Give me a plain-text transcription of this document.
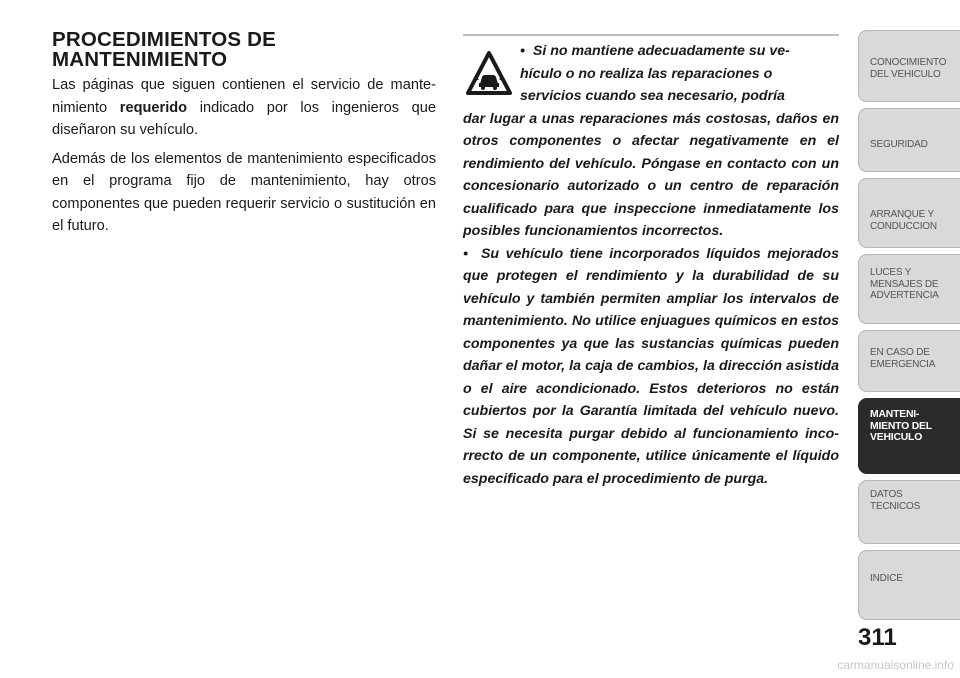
PROCEDIMIENTOS DE
MANTENIMIENTO

Las páginas que siguen contienen el servicio de mantenimiento requerido indicado por los ingenieros que diseñaron su vehículo.

Además de los elementos de mantenimiento especificados en el programa fijo de mantenimiento, hay otros componentes que pueden requerir servicio o sustitución en el futuro.

• Si no mantiene adecuadamente su ve-
hículo o no realiza las reparaciones o
servicios cuando sea necesario, podría
dar lugar a unas reparaciones más costosas, daños en otros componentes o afectar negativamente en el rendimiento del vehículo. Póngase en contacto con un concesionario autorizado o un centro de reparación cualificado para que inspeccione inmediatamente los posibles funcionamientos incorrectos.
• Su vehículo tiene incorporados líquidos mejorados que protegen el rendimiento y la durabilidad de su vehículo y también permiten ampliar los intervalos de mantenimiento. No utilice enjuagues químicos en estos componentes ya que las sustancias químicas pueden dañar el motor, la caja de cambios, la dirección asistida o el aire acondicionado. Estos deterioros no están cubiertos por la Garantía limitada del vehículo nuevo. Si se necesita purgar debido al funcionamiento incorrecto de un componente, utilice únicamente el líquido especificado para el procedimiento de purga.
CONOCIMIENTO
DEL VEHICULO
SEGURIDAD
ARRANQUE Y
CONDUCCION
LUCES Y
MENSAJES DE
ADVERTENCIA
EN CASO DE
EMERGENCIA
MANTENI-
MIENTO DEL
VEHICULO
DATOS
TECNICOS
INDICE
311
carmanualsonline.info
